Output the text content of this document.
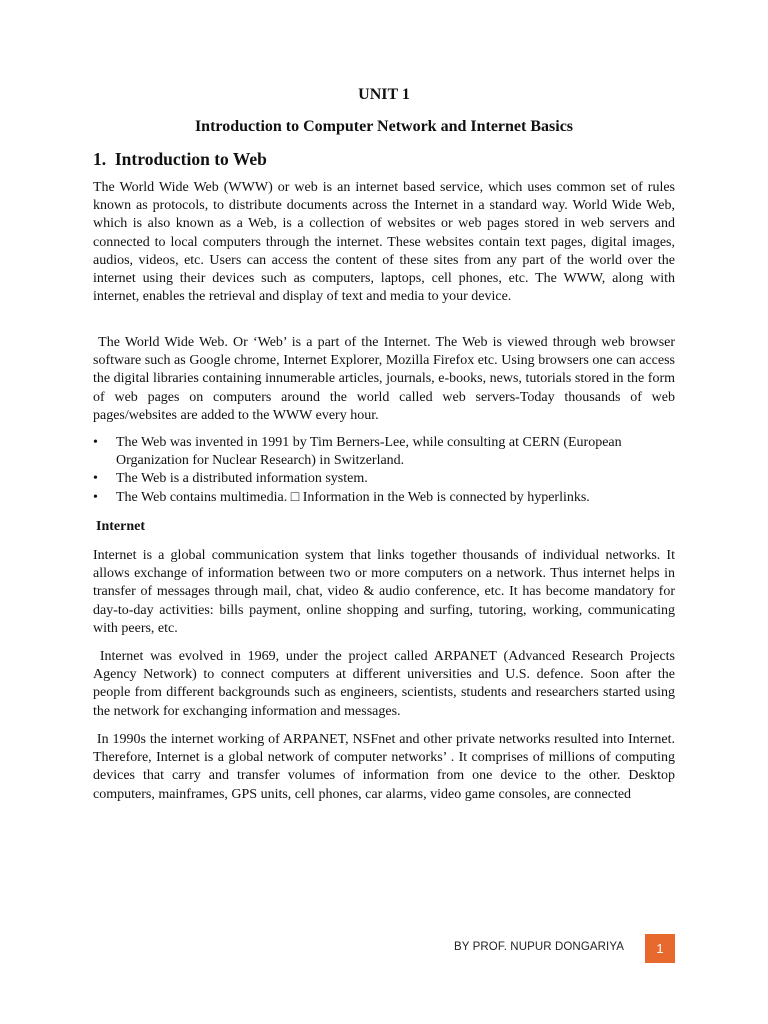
UNIT 1
Introduction to Computer Network and Internet Basics
1.  Introduction to Web
The World Wide Web (WWW) or web is an internet based service, which uses common set of rules known as protocols, to distribute documents across the Internet in a standard way. World Wide Web, which is also known as a Web, is a collection of websites or web pages stored in web servers and connected to local computers through the internet. These websites contain text pages, digital images, audios, videos, etc. Users can access the content of these sites from any part of the world over the internet using their devices such as computers, laptops, cell phones, etc. The WWW, along with internet, enables the retrieval and display of text and media to your device.
The World Wide Web. Or ‘Web’ is a part of the Internet. The Web is viewed through web browser software such as Google chrome, Internet Explorer, Mozilla Firefox etc. Using browsers one can access the digital libraries containing innumerable articles, journals, e-books, news, tutorials stored in the form of web pages on computers around the world called web servers-Today thousands of web pages/websites are added to the WWW every hour.
• The Web was invented in 1991 by Tim Berners-Lee, while consulting at CERN (European Organization for Nuclear Research) in Switzerland.
• The Web is a distributed information system.
• The Web contains multimedia. □ Information in the Web is connected by hyperlinks.
Internet
Internet is a global communication system that links together thousands of individual networks. It allows exchange of information between two or more computers on a network. Thus internet helps in transfer of messages through mail, chat, video & audio conference, etc. It has become mandatory for day-to-day activities: bills payment, online shopping and surfing, tutoring, working, communicating with peers, etc.
Internet was evolved in 1969, under the project called ARPANET (Advanced Research Projects Agency Network) to connect computers at different universities and U.S. defence. Soon after the people from different backgrounds such as engineers, scientists, students and researchers started using the network for exchanging information and messages.
In 1990s the internet working of ARPANET, NSFnet and other private networks resulted into Internet. Therefore, Internet is a global network of computer networks’ . It comprises of millions of computing devices that carry and transfer volumes of information from one device to the other. Desktop computers, mainframes, GPS units, cell phones, car alarms, video game consoles, are connected
BY PROF. NUPUR DONGARIYA	1
